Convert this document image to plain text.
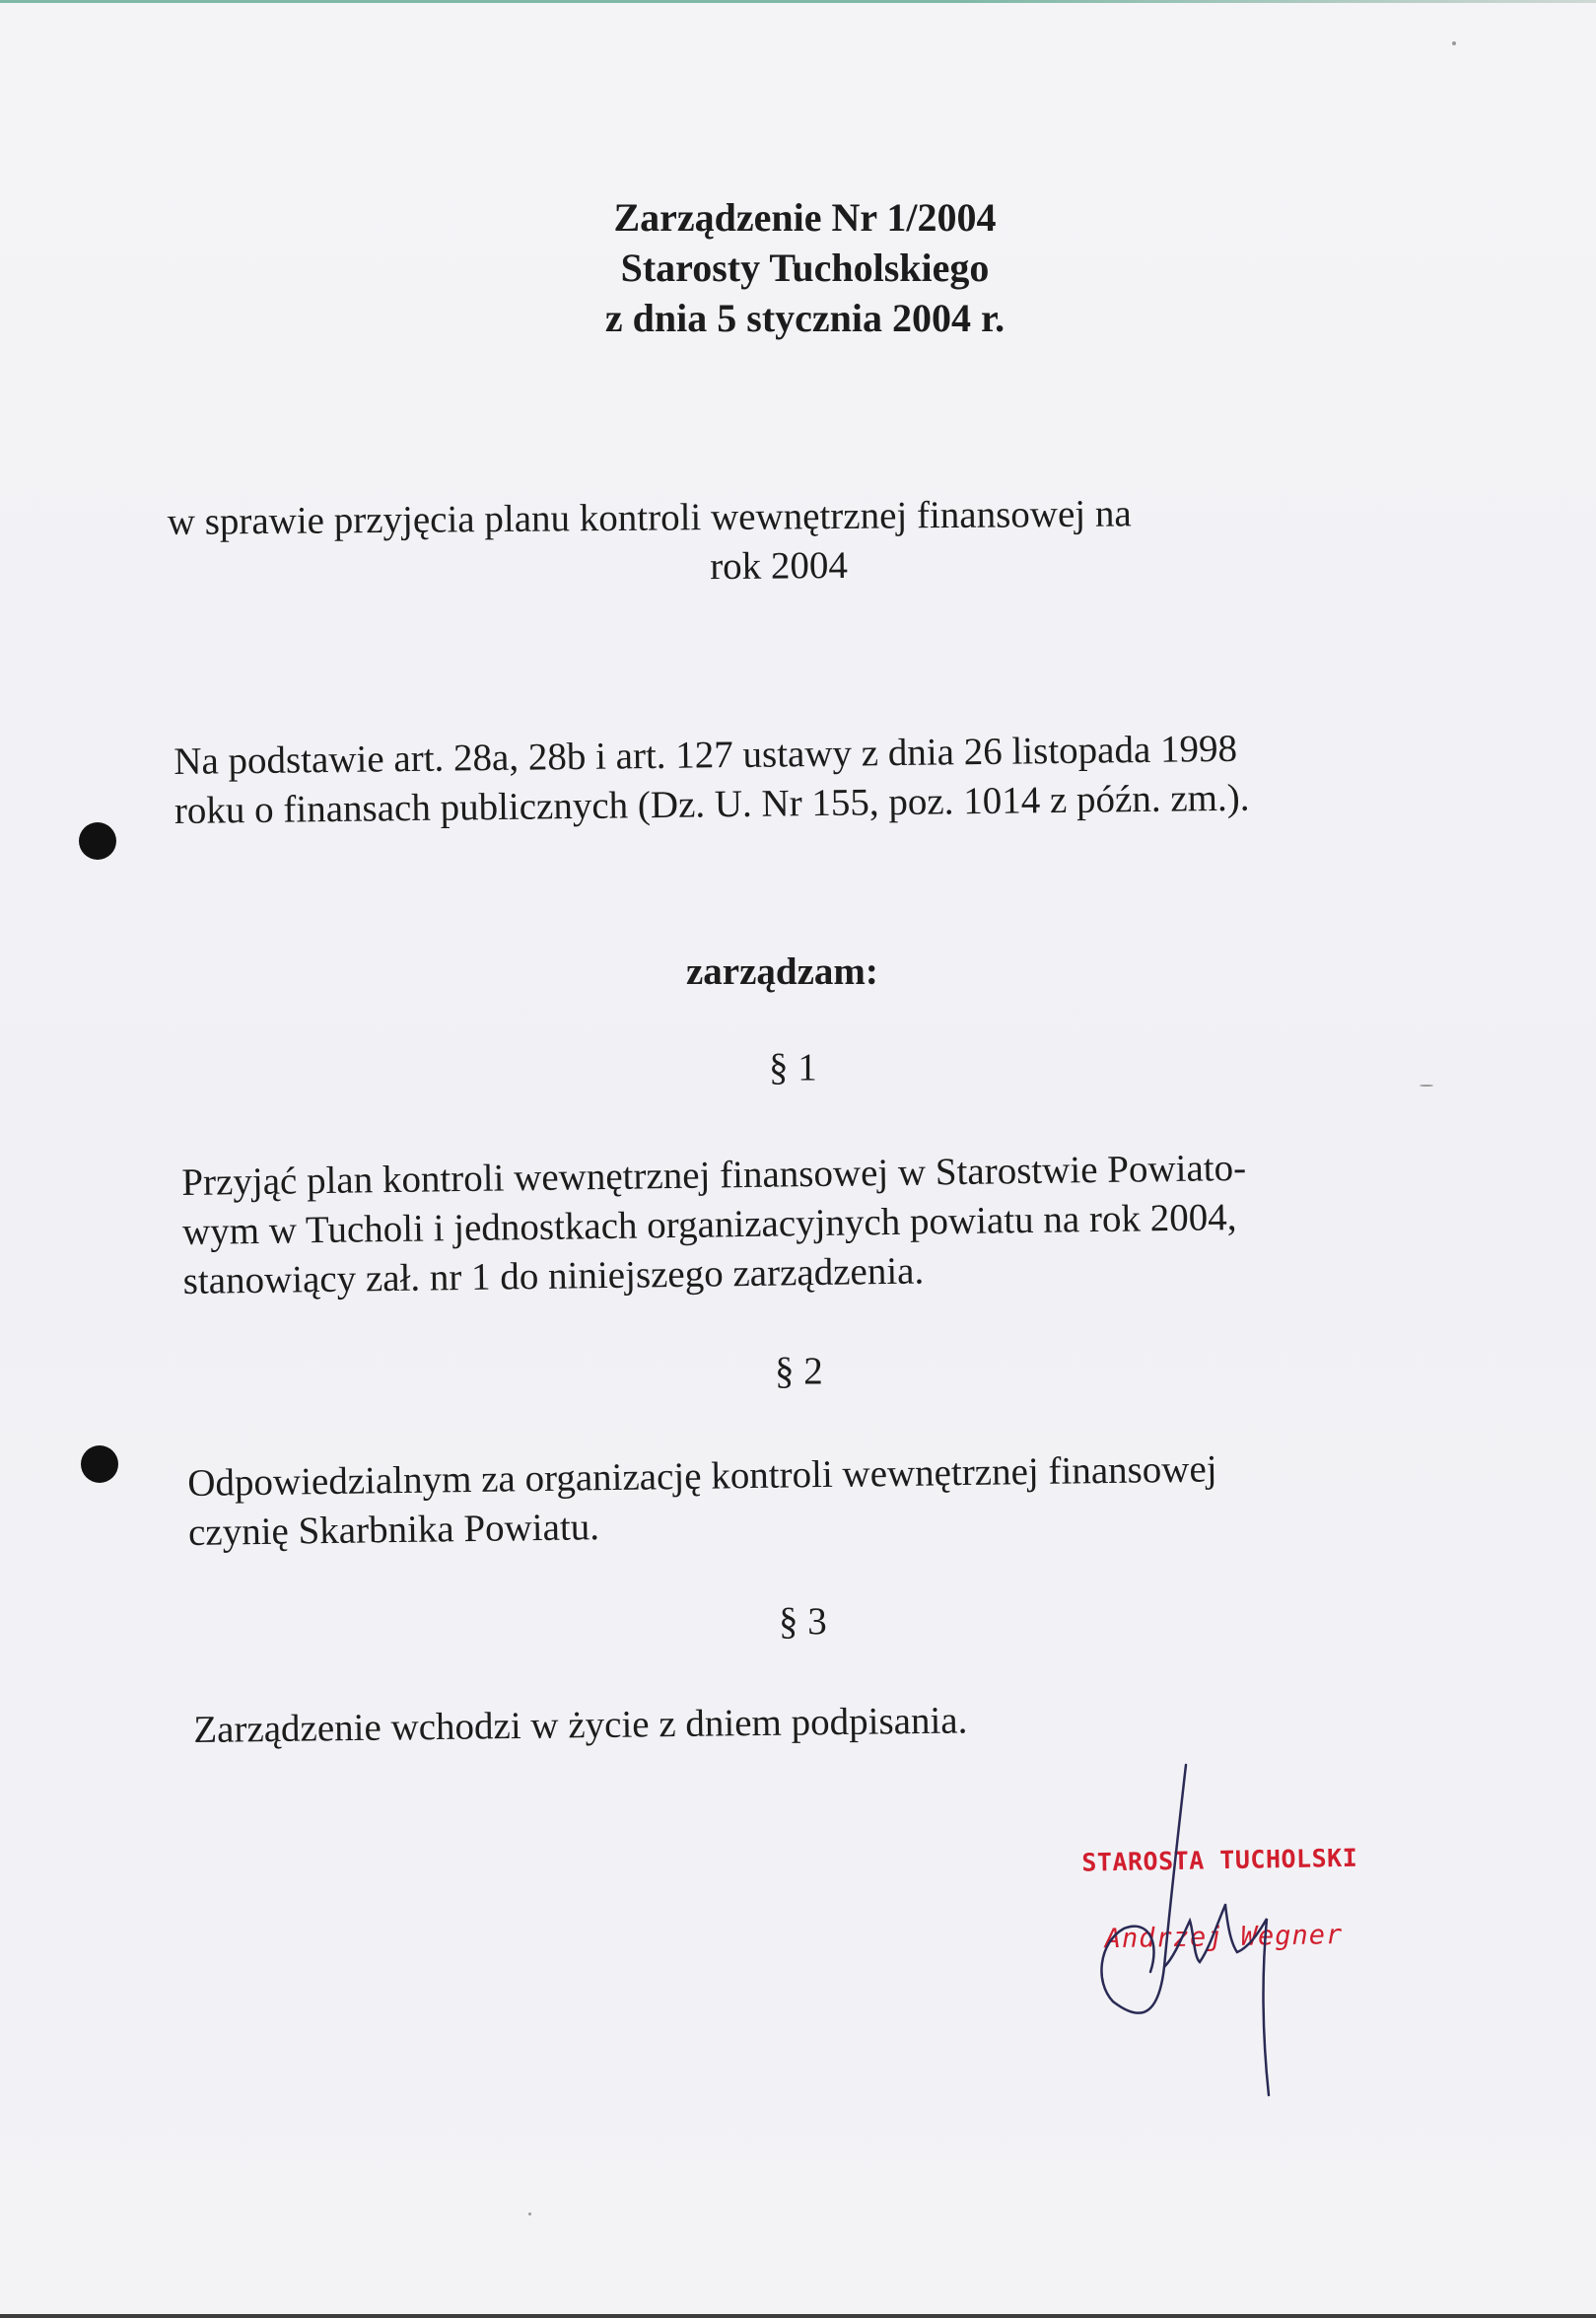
Zarządzenie Nr 1/2004
Starosty Tucholskiego
z dnia 5 stycznia 2004 r.
w sprawie przyjęcia planu kontroli wewnętrznej finansowej na
rok 2004
Na podstawie art. 28a, 28b i art. 127 ustawy z dnia 26 listopada 1998
roku o finansach publicznych (Dz. U. Nr 155, poz. 1014 z późn. zm.).
zarządzam:
§ 1
Przyjąć plan kontroli wewnętrznej finansowej w Starostwie Powiato-
wym w Tucholi i jednostkach organizacyjnych powiatu na rok 2004,
stanowiący zał. nr 1 do niniejszego zarządzenia.
§ 2
Odpowiedzialnym za organizację kontroli wewnętrznej finansowej
czynię Skarbnika Powiatu.
§ 3
Zarządzenie wchodzi w życie z dniem podpisania.
STAROSTA TUCHOLSKI
Andrzej Wegner
